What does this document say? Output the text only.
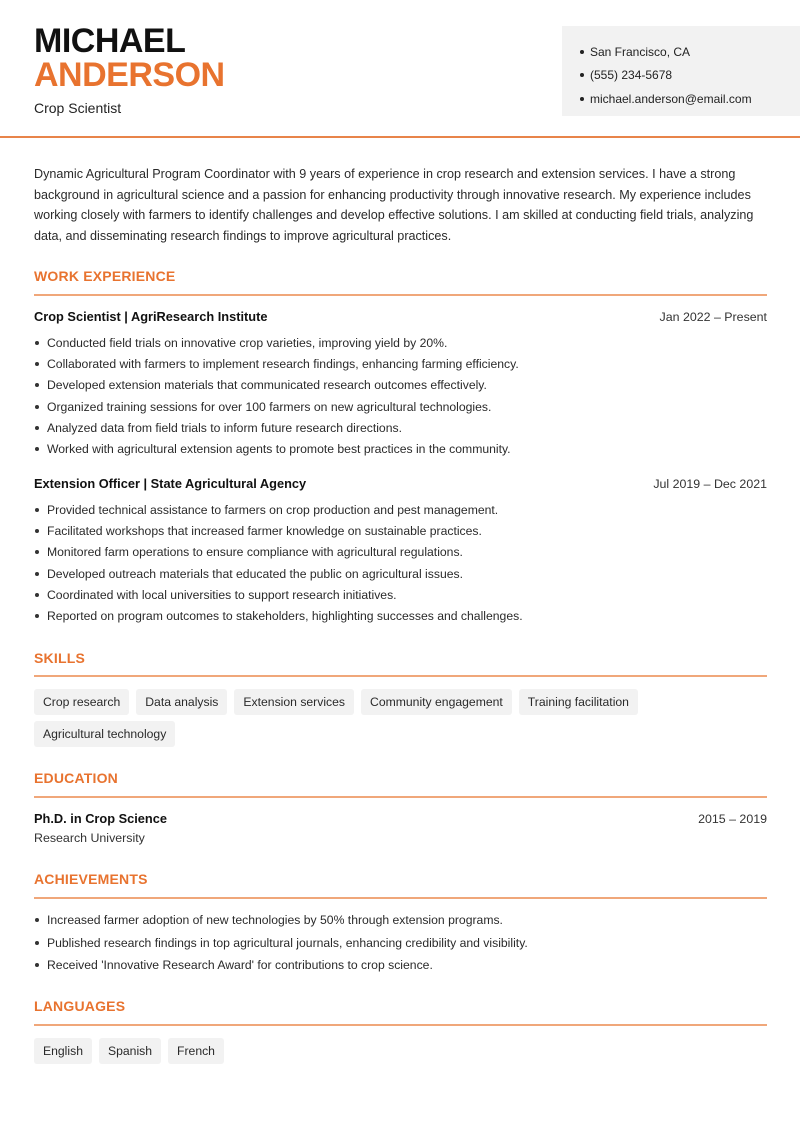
MICHAEL
ANDERSON
Crop Scientist
San Francisco, CA
(555) 234-5678
michael.anderson@email.com

Dynamic Agricultural Program Coordinator with 9 years of experience in crop research and extension services. I have a strong background in agricultural science and a passion for enhancing productivity through innovative research. My experience includes working closely with farmers to identify challenges and develop effective solutions. I am skilled at conducting field trials, analyzing data, and disseminating research findings to improve agricultural practices.

WORK EXPERIENCE
Crop Scientist | AgriResearch Institute	Jan 2022 – Present
Conducted field trials on innovative crop varieties, improving yield by 20%.
Collaborated with farmers to implement research findings, enhancing farming efficiency.
Developed extension materials that communicated research outcomes effectively.
Organized training sessions for over 100 farmers on new agricultural technologies.
Analyzed data from field trials to inform future research directions.
Worked with agricultural extension agents to promote best practices in the community.
Extension Officer | State Agricultural Agency	Jul 2019 – Dec 2021
Provided technical assistance to farmers on crop production and pest management.
Facilitated workshops that increased farmer knowledge on sustainable practices.
Monitored farm operations to ensure compliance with agricultural regulations.
Developed outreach materials that educated the public on agricultural issues.
Coordinated with local universities to support research initiatives.
Reported on program outcomes to stakeholders, highlighting successes and challenges.
SKILLS
Crop research	Data analysis	Extension services	Community engagement	Training facilitation
Agricultural technology
EDUCATION
Ph.D. in Crop Science	2015 – 2019
Research University
ACHIEVEMENTS
Increased farmer adoption of new technologies by 50% through extension programs.
Published research findings in top agricultural journals, enhancing credibility and visibility.
Received 'Innovative Research Award' for contributions to crop science.
LANGUAGES
English	Spanish	French
